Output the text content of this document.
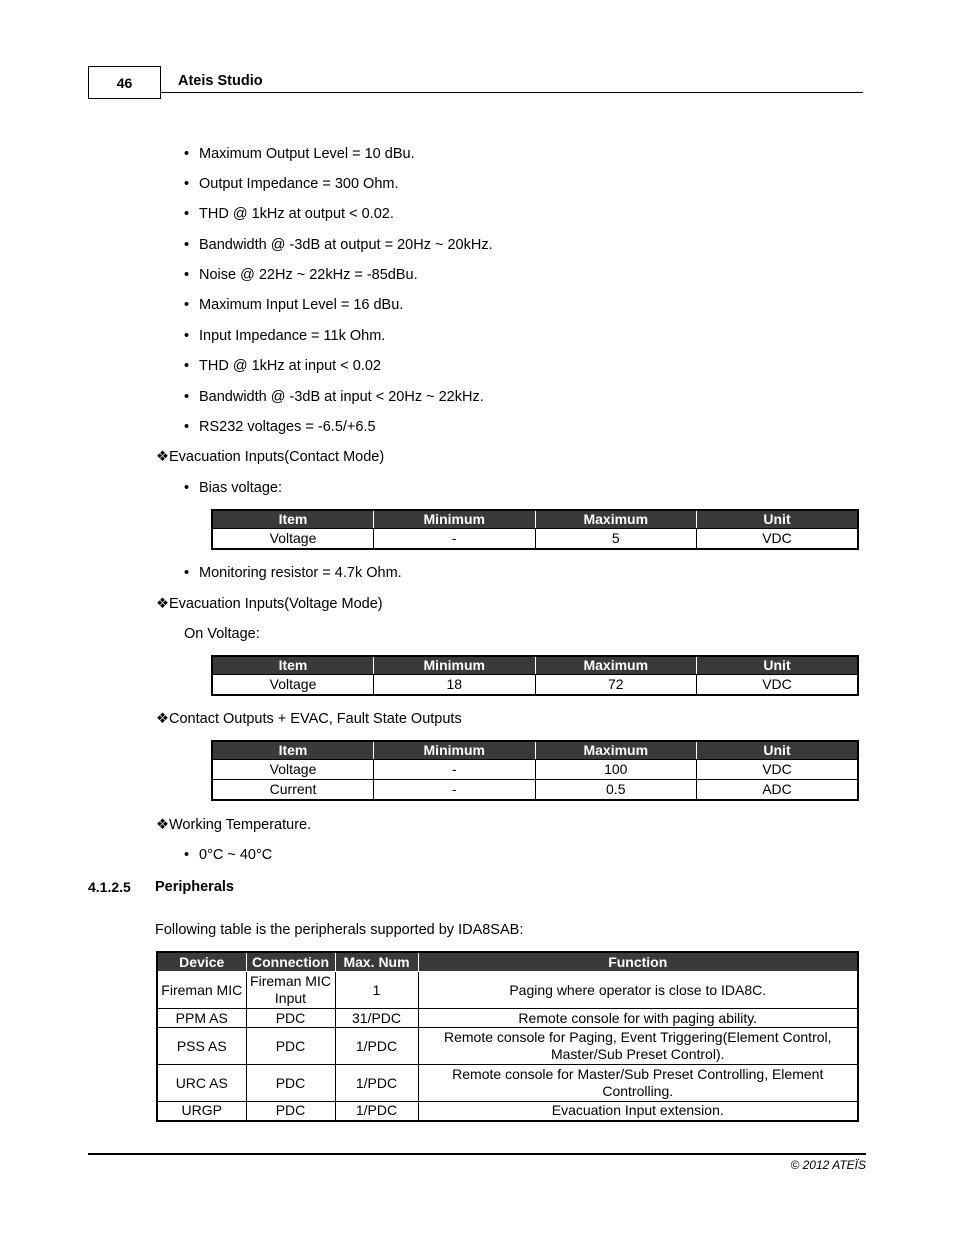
46	Ateis Studio
• Maximum Output Level = 10 dBu.
• Output Impedance = 300 Ohm.
• THD @ 1kHz at output < 0.02.
• Bandwidth @ -3dB at output = 20Hz ~ 20kHz.
• Noise @ 22Hz ~ 22kHz = -85dBu.
• Maximum Input Level = 16 dBu.
• Input Impedance = 11k Ohm.
• THD @ 1kHz at input < 0.02
• Bandwidth @ -3dB at input < 20Hz ~ 22kHz.
• RS232 voltages = -6.5/+6.5
❖Evacuation Inputs(Contact Mode)
• Bias voltage:
Item	Minimum	Maximum	Unit
Voltage	-	5	VDC
• Monitoring resistor = 4.7k Ohm.
❖Evacuation Inputs(Voltage Mode)
On Voltage:
Item	Minimum	Maximum	Unit
Voltage	18	72	VDC
❖Contact Outputs + EVAC, Fault State Outputs
Item	Minimum	Maximum	Unit
Voltage	-	100	VDC
Current	-	0.5	ADC
❖Working Temperature.
• 0°C ~ 40°C
4.1.2.5 Peripherals
Following table is the peripherals supported by IDA8SAB:
Device	Connection	Max. Num	Function
Fireman MIC	Fireman MIC Input	1	Paging where operator is close to IDA8C.
PPM AS	PDC	31/PDC	Remote console for with paging ability.
PSS AS	PDC	1/PDC	Remote console for Paging, Event Triggering(Element Control, Master/Sub Preset Control).
URC AS	PDC	1/PDC	Remote console for Master/Sub Preset Controlling, Element Controlling.
URGP	PDC	1/PDC	Evacuation Input extension.
© 2012 ATEÏS
